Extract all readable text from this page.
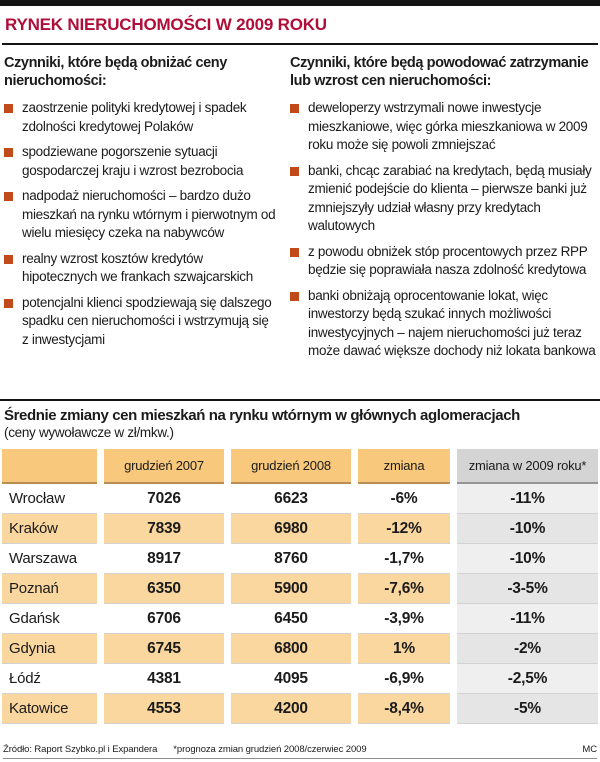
RYNEK NIERUCHOMOŚCI W 2009 ROKU
Czynniki, które będą obniżać ceny nieruchomości:
zaostrzenie polityki kredytowej i spadek zdolności kredytowej Polaków
spodziewane pogorszenie sytuacji gospodarczej kraju i wzrost bezrobocia
nadpodaż nieruchomości – bardzo dużo mieszkań na rynku wtórnym i pierwotnym od wielu miesięcy czeka na nabywców
realny wzrost kosztów kredytów hipotecznych we frankach szwajcarskich
potencjalni klienci spodziewają się dalszego spadku cen nieruchomości i wstrzymują się z inwestycjami
Czynniki, które będą powodować zatrzymanie lub wzrost cen nieruchomości:
deweloperzy wstrzymali nowe inwestycje mieszkaniowe, więc górka mieszkaniowa w 2009 roku może się powoli zmniejszać
banki, chcąc zarabiać na kredytach, będą musiały zmienić podejście do klienta – pierwsze banki już zmniejszyły udział własny przy kredytach walutowych
z powodu obniżek stóp procentowych przez RPP będzie się poprawiała nasza zdolność kredytowa
banki obniżają oprocentowanie lokat, więc inwestorzy będą szukać innych możliwości inwestycyjnych – najem nieruchomości już teraz może dawać większe dochody niż lokata bankowa
Średnie zmiany cen mieszkań na rynku wtórnym w głównych aglomeracjach
(ceny wywoławcze w zł/mkw.)
grudzień 2007	grudzień 2008	zmiana	zmiana w 2009 roku*
Wrocław	7026	6623	-6%	-11%
Kraków	7839	6980	-12%	-10%
Warszawa	8917	8760	-1,7%	-10%
Poznań	6350	5900	-7,6%	-3-5%
Gdańsk	6706	6450	-3,9%	-11%
Gdynia	6745	6800	1%	-2%
Łódź	4381	4095	-6,9%	-2,5%
Katowice	4553	4200	-8,4%	-5%
Źródło: Raport Szybko.pl i Expandera *prognoza zmian grudzień 2008/czerwiec 2009	MC
